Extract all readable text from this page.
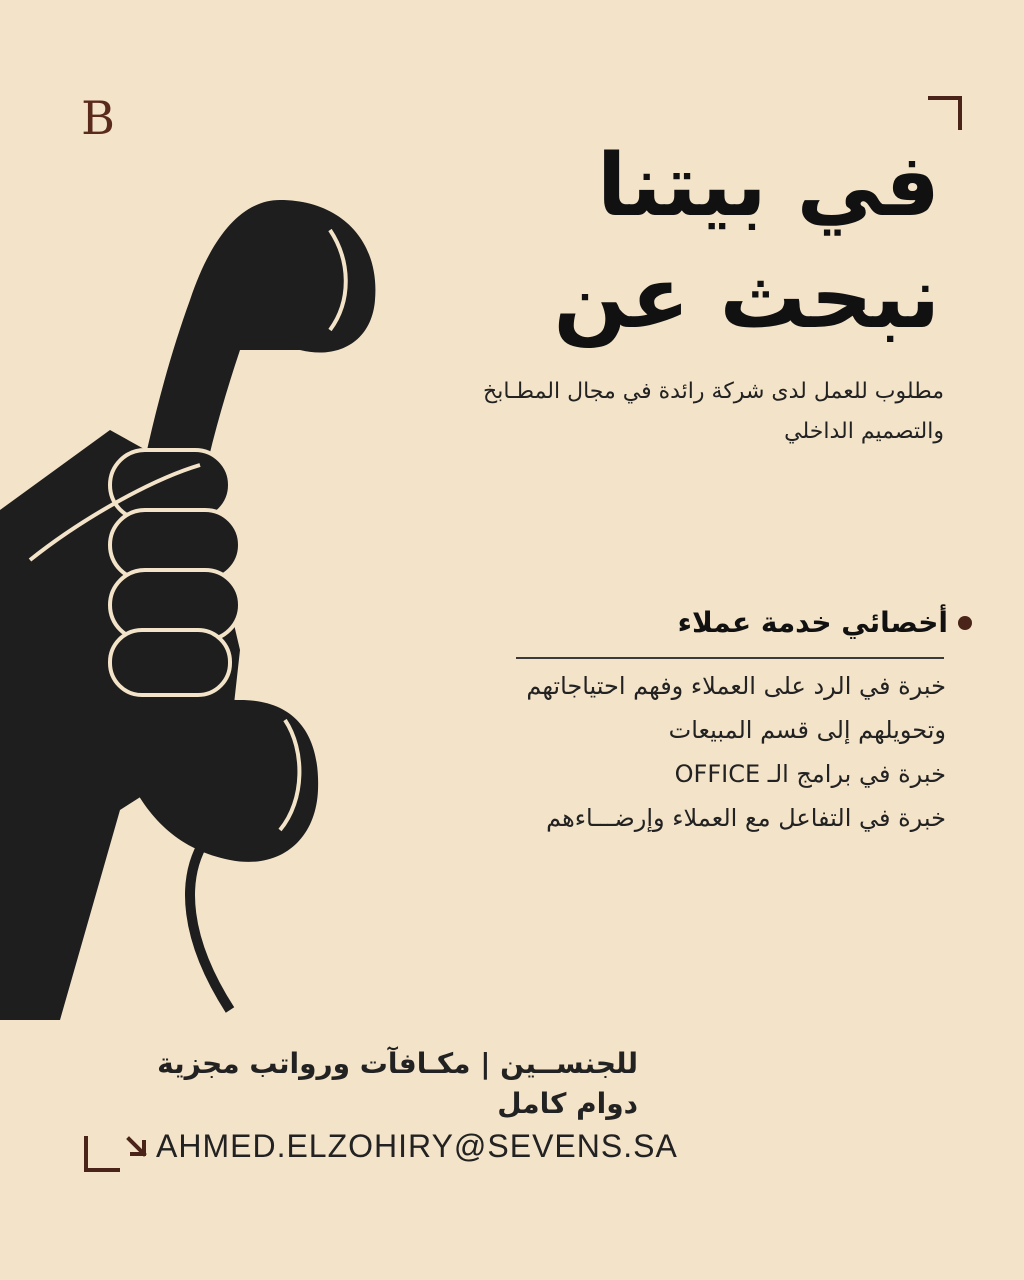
B
في بيتنا
نبحث عن
مطلوب للعمل لدى شركة رائدة في مجال المطـابخ
والتصميم الداخلي
أخصائي خدمة عملاء
خبرة في الرد على العملاء وفهم احتياجاتهم
وتحويلهم إلى قسم المبيعات
خبرة في برامج الـ OFFICE
خبرة في التفاعل مع العملاء وإرضـــاءهم
للجنســين | مكـافآت ورواتب مجزية
دوام كامل
AHMED.ELZOHIRY@SEVENS.SA
